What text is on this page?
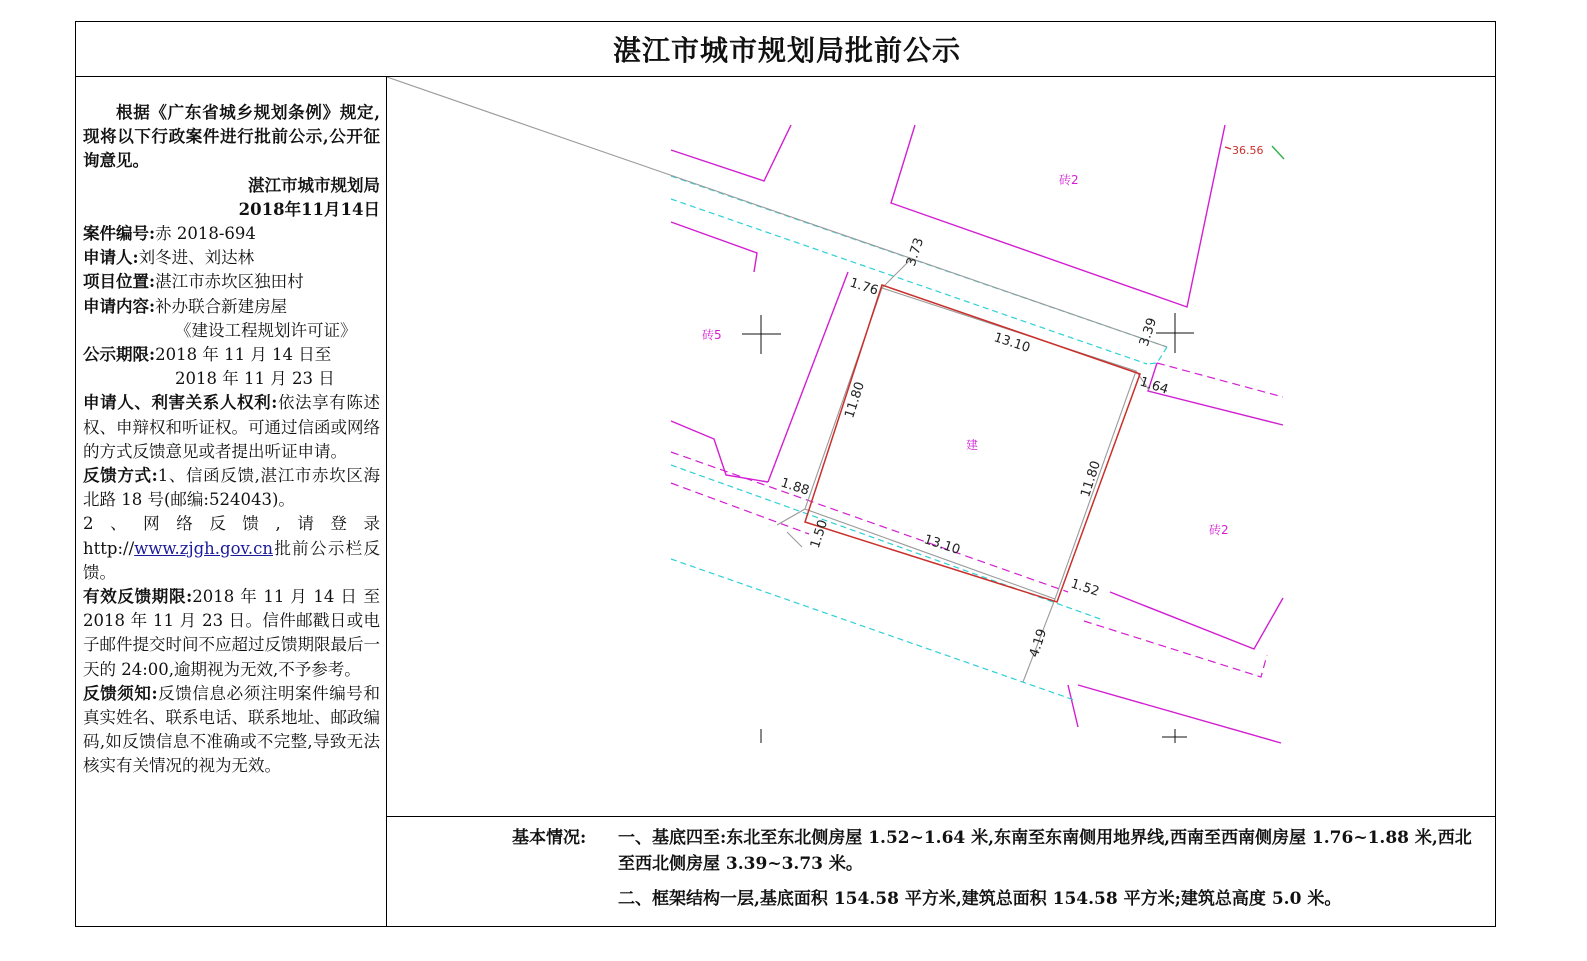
湛江市城市规划局批前公示

根据《广东省城乡规划条例》规定,现将以下行政案件进行批前公示,公开征询意见。

湛江市城市规划局

2018年11月14日

案件编号:赤 2018-694

申请人:刘冬进、刘达林

项目位置:湛江市赤坎区独田村

申请内容:补办联合新建房屋

《建设工程规划许可证》

公示期限:2018 年 11 月 14 日至

2018 年 11 月 23 日

申请人、利害关系人权利:依法享有陈述权、申辩权和听证权。可通过信函或网络的方式反馈意见或者提出听证申请。

反馈方式:1、信函反馈,湛江市赤坎区海北路 18 号(邮编:524043)。

2、网络反馈,请登录 http://www.zjgh.gov.cn批前公示栏反馈。

有效反馈期限:2018 年 11 月 14 日 至 2018 年 11 月 23 日。信件邮戳日或电子邮件提交时间不应超过反馈期限最后一天的 24:00,逾期视为无效,不予参考。

反馈须知:反馈信息必须注明案件编号和真实姓名、联系电话、联系地址、邮政编码,如反馈信息不准确或不完整,导致无法核实有关情况的视为无效。

36.56
砖2
砖5
砖2
建
13.10
13.10
11.80
11.80
3.73
3.39
4.19
1.76
1.88
1.50
1.64
1.52
基本情况: 一、基底四至:东北至东北侧房屋 1.52~1.64 米,东南至东南侧用地界线,西南至西南侧房屋 1.76~1.88 米,西北至西北侧房屋 3.39~3.73 米。

二、框架结构一层,基底面积 154.58 平方米,建筑总面积 154.58 平方米;建筑总高度 5.0 米。
